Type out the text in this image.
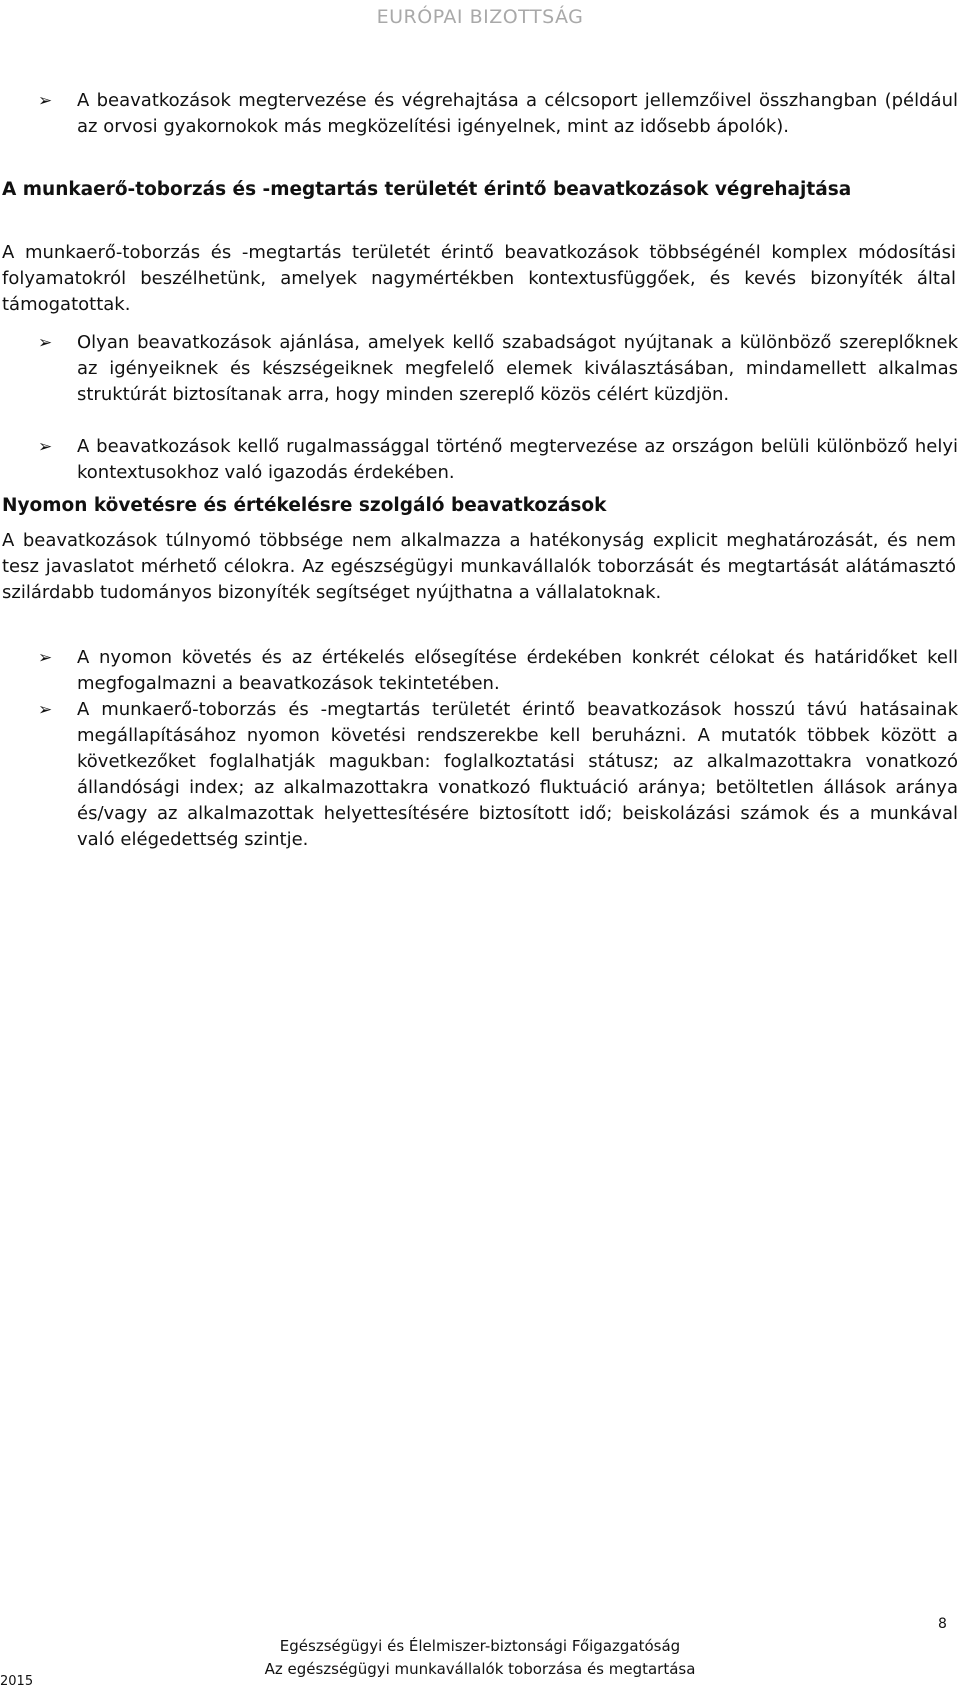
EURÓPAI BIZOTTSÁG
➢ A beavatkozások megtervezése és végrehajtása a célcsoport jellemzőivel összhangban (például az orvosi gyakornokok más megközelítési igényelnek, mint az idősebb ápolók).
A munkaerő-toborzás és -megtartás területét érintő beavatkozások végrehajtása
A munkaerő-toborzás és -megtartás területét érintő beavatkozások többségénél komplex módosítási folyamatokról beszélhetünk, amelyek nagymértékben kontextusfüggőek, és kevés bizonyíték által támogatottak.
➢ Olyan beavatkozások ajánlása, amelyek kellő szabadságot nyújtanak a különböző szereplőknek az igényeiknek és készségeiknek megfelelő elemek kiválasztásában, mindamellett alkalmas struktúrát biztosítanak arra, hogy minden szereplő közös célért küzdjön.
➢ A beavatkozások kellő rugalmassággal történő megtervezése az országon belüli különböző helyi kontextusokhoz való igazodás érdekében.
Nyomon követésre és értékelésre szolgáló beavatkozások
A beavatkozások túlnyomó többsége nem alkalmazza a hatékonyság explicit meghatározását, és nem tesz javaslatot mérhető célokra. Az egészségügyi munkavállalók toborzását és megtartását alátámasztó szilárdabb tudományos bizonyíték segítséget nyújthatna a vállalatoknak.
➢ A nyomon követés és az értékelés elősegítése érdekében konkrét célokat és határidőket kell megfogalmazni a beavatkozások tekintetében.
➢ A munkaerő-toborzás és -megtartás területét érintő beavatkozások hosszú távú hatásainak megállapításához nyomon követési rendszerekbe kell beruházni. A mutatók többek között a következőket foglalhatják magukban: foglalkoztatási státusz; az alkalmazottakra vonatkozó állandósági index; az alkalmazottakra vonatkozó fluktuáció aránya; betöltetlen állások aránya és/vagy az alkalmazottak helyettesítésére biztosított idő; beiskolázási számok és a munkával való elégedettség szintje.
8
Egészségügyi és Élelmiszer-biztonsági Főigazgatóság
Az egészségügyi munkavállalók toborzása és megtartása
2015
